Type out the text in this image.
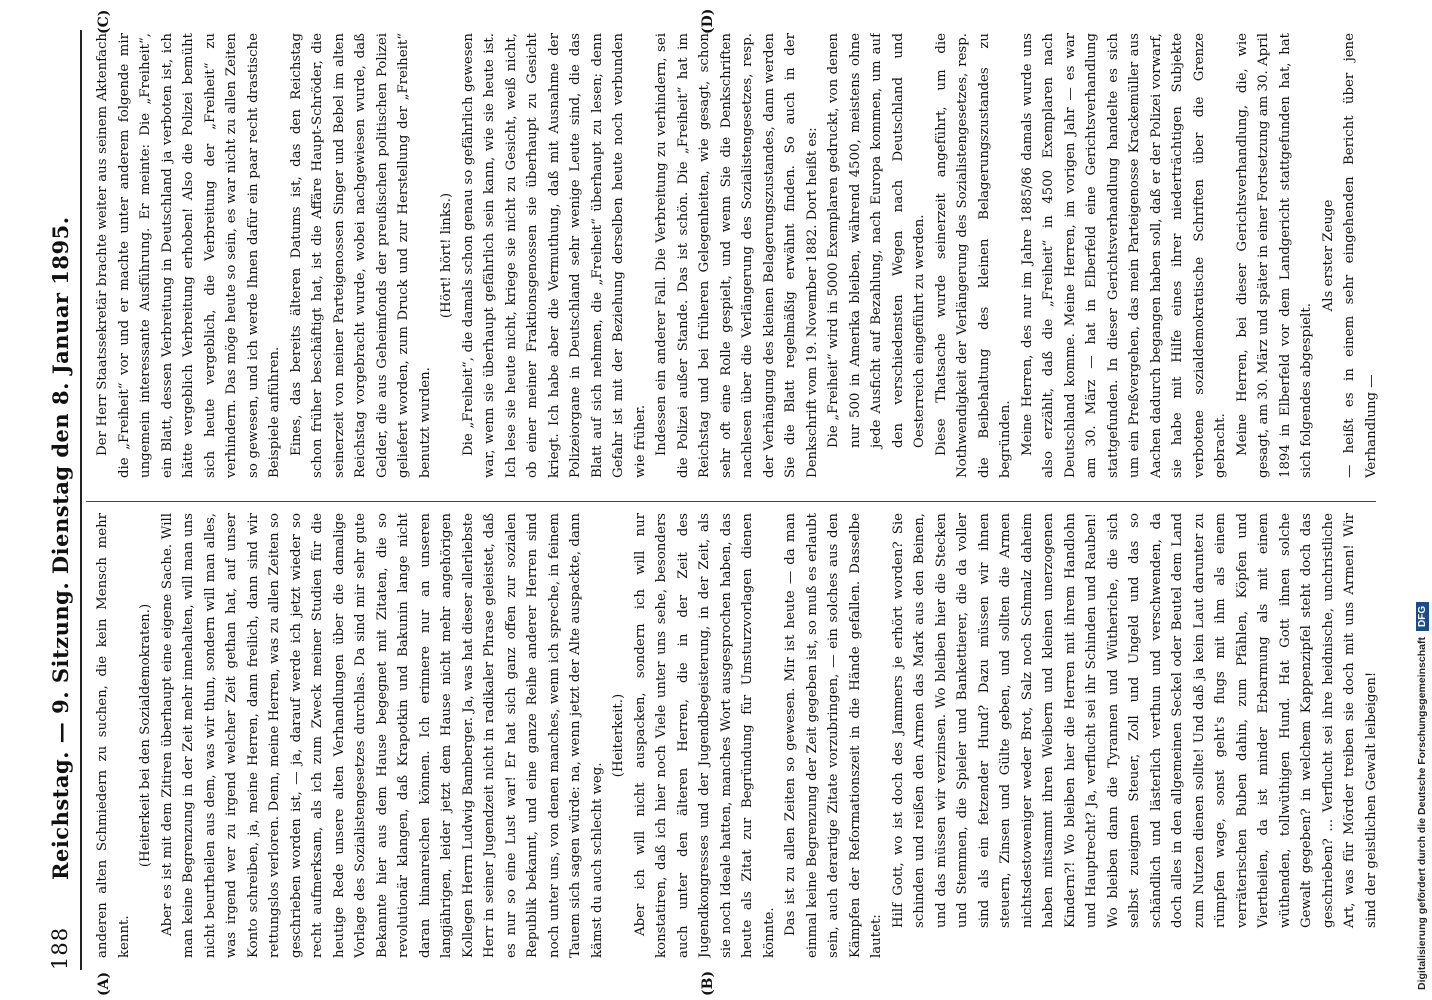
188
Reichstag. — 9. Sitzung. Dienstag den 8. Januar 1895.
(A)	(B)
(C)	(D)

anderen alten Schmiedern zu suchen, die kein Mensch mehr kennt.

(Heiterkeit bei den Sozialdemokraten.) Aber es ist mit dem Zitiren überhaupt eine eigene Sache. Will man keine Begrenzung in der Zeit mehr innehalten, will man uns nicht beurtheilen aus dem, was wir thun, sondern will man alles, was irgend wer zu irgend welcher Zeit gethan hat, auf unser Konto schreiben, ja, meine Herren, dann freilich, dann sind wir rettungslos verloren. Denn, meine Herren, was zu allen Zeiten so geschrieben worden ist, — ja, darauf werde ich jetzt wieder so recht aufmerksam, als ich zum Zweck meiner Studien für die heutige Rede unsere alten Verhandlungen über die damalige Vorlage des Sozialistengesetzes durchlas. Da sind mir sehr gute Bekannte hier aus dem Hause begegnet mit Zitaten, die so revolutionär klangen, daß Krapotkin und Bakunin lange nicht daran hinanreichen können. Ich erinnere nur an unseren langjährigen, leider jetzt dem Hause nicht mehr angehörigen Kollegen Herrn Ludwig Bamberger. Ja, was hat dieser allerliebste Herr in seiner Jugendzeit nicht in radikaler Phrase geleistet, daß es nur so eine Lust war! Er hat sich ganz offen zur sozialen Republik bekannt, und eine ganze Reihe anderer Herren sind noch unter uns, von denen manches, wenn ich spreche, in feinem Tauem sich sagen würde: na, wenn jetzt der Alte auspackte, dann kämst du auch schlecht weg.

(Heiterkeit.) Aber ich will nicht auspacken, sondern ich will nur konstatiren, daß ich hier noch Viele unter uns sehe, besonders auch unter den älteren Herren, die in der Zeit des Jugendkongresses und der Jugendbegeisterung, in der Zeit, als sie noch Ideale hatten, manches Wort ausgesprochen haben, das heute als Zitat zur Begründung für Umsturzvorlagen dienen könnte. Das ist zu allen Zeiten so gewesen. Mir ist heute — da man einmal keine Begrenzung der Zeit gegeben ist, so muß es erlaubt sein, auch derartige Zitate vorzubringen, — ein solches aus den Kämpfen der Reformationszeit in die Hände gefallen. Dasselbe lautet:

Hilf Gott, wo ist doch des Jammers je erhört worden? Sie schinden und reißen den Armen das Mark aus den Beinen, und das müssen wir verzinsen. Wo bleiben hier die Stecken und Stemmen, die Spieler und Bankettierer, die da voller sind als ein fetzender Hund? Dazu müssen wir ihnen steuern, Zinsen und Gülte geben, und sollten die Armen nichtsdestoweniger weder Brot, Salz noch Schmalz daheim haben mitsammt ihren Weibern und kleinen unerzogenen Kindern?! Wo bleiben hier die Herren mit ihrem Handlohn und Hauptrecht? Ja, verflucht sei ihr Schinden und Rauben! Wo bleiben dann die Tyrannen und Wütheriche, die sich selbst zueignen Steuer, Zoll und Ungeld und das so schändlich und lästerlich verthun und verschwenden, da doch alles in den allgemeinen Seckel oder Beutel dem Land zum Nutzen dienen sollte! Und daß ja kein Laut darunter zu rümpfen wage, sonst geht's flugs mit ihm als einem verräterischen Buben dahin, zum Pfählen, Köpfen und Viertheilen, da ist minder Erbarmung als mit einem wüthenden, tollwüthigen Hund. Hat Gott ihnen solche Gewalt gegeben? in welchem Kappenzipfel steht doch das geschrieben? ... Verflucht sei ihre heidnische, unchristliche Art, was für Mörder treiben sie doch mit uns Armen! Wir sind der geistlichen Gewalt leibeigen!

Der Herr Staatssekretär brachte weiter aus seinem Aktenfach die „Freiheit“ vor und er machte unter anderem folgende mir ungemein interessante Ausführung. Er meinte: Die „Freiheit“, ein Blatt, dessen Verbreitung in Deutschland ja verboten ist, ich hätte vergeblich Verbreitung erhoben! Also die Polizei bemüht sich heute vergeblich, die Verbreitung der „Freiheit“ zu verhindern. Das möge heute so sein, es war nicht zu allen Zeiten so gewesen, und ich werde Ihnen dafür ein paar recht drastische Beispiele anführen. Eines, das bereits älteren Datums ist, das den Reichstag schon früher beschäftigt hat, ist die Affäre Haupt-Schröder, die seinerzeit von meiner Parteigenossen Singer und Bebel im alten Reichstag vorgebracht wurde, wobei nachgewiesen wurde, daß Gelder, die aus Geheimfonds der preußischen politischen Polizei geliefert worden, zum Druck und zur Herstellung der „Freiheit“ benutzt wurden.

(Hört! hört! links.) Die „Freiheit“, die damals schon genau so gefährlich gewesen war, wenn sie überhaupt gefährlich sein kann, wie sie heute ist. Ich lese sie heute nicht, kriege sie nicht zu Gesicht, weiß nicht, ob einer meiner Fraktionsgenossen sie überhaupt zu Gesicht kriegt. Ich habe aber die Vermuthung, daß mit Ausnahme der Polizeiorgane in Deutschland sehr wenige Leute sind, die das Blatt auf sich nehmen, die „Freiheit“ überhaupt zu lesen; denn Gefahr ist mit der Beziehung derselben heute noch verbunden wie früher. Indessen ein anderer Fall. Die Verbreitung zu verhindern, sei die Polizei außer Stande. Das ist schön. Die „Freiheit“ hat im Reichstag und bei früheren Gelegenheiten, wie gesagt, schon sehr oft eine Rolle gespielt, und wenn Sie die Denkschriften nachlesen über die Verlängerung des Sozialistengesetzes, resp. der Verhängung des kleinen Belagerungszustandes, dann werden Sie die Blatt regelmäßig erwähnt finden. So auch in der Denkschrift vom 19. November 1882. Dort heißt es: Die „Freiheit“ wird in 5000 Exemplaren gedruckt, von denen nur 500 in Amerika bleiben, während 4500, meistens ohne jede Ausficht auf Bezahlung, nach Europa kommen, um auf den verschiedensten Wegen nach Deutschland und Oesterreich eingeführt zu werden. Diese Thatsache wurde seinerzeit angeführt, um die Nothwendigkeit der Verlängerung des Sozialistengesetzes, resp. die Beibehaltung des kleinen Belagerungszustandes zu begründen. Meine Herren, des nur im Jahre 1885/86 damals wurde uns also erzählt, daß die „Freiheit“ in 4500 Exemplaren nach Deutschland komme. Meine Herren, im vorigen Jahr — es war am 30. März — hat in Elberfeld eine Gerichtsverhandlung stattgefunden. In dieser Gerichtsverhandlung handelte es sich um ein Preßvergehen, das mein Parteigenosse Krackemüller aus Aachen dadurch begangen haben soll, daß er der Polizei vorwarf, sie habe mit Hilfe eines ihrer niederträchtigen Subjekte verbotene sozialdemokratische Schriften über die Grenze gebracht. Meine Herren, bei dieser Gerichtsverhandlung, die, wie gesagt, am 30. März und später in einer Fortsetzung am 30. April 1894 in Elberfeld vor dem Landgericht stattgefunden hat, hat sich folgendes abgespielt.

Als erster Zeuge — heißt es in einem sehr eingehenden Bericht über jene Verhandlung —

Digitalisierung gefördert durch die Deutsche Forschungsgemeinschaft
DFG
